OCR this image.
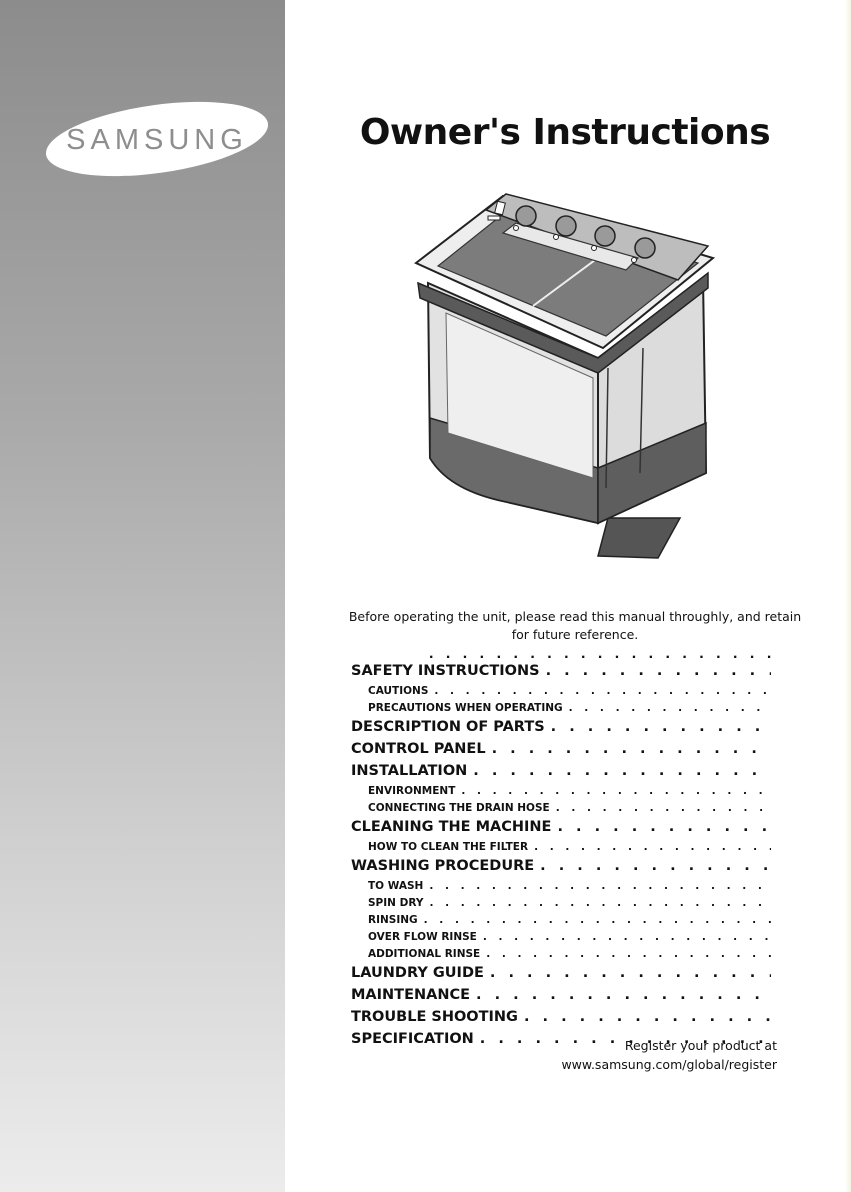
SAMSUNG	Owner's Instructions
Before operating the unit, please read this manual throughly, and retain for future reference.
. . .
SAFETY INSTRUCTIONS
. . .
CAUTIONS
. . .
PRECAUTIONS WHEN OPERATING
. . .
DESCRIPTION OF PARTS
. . .
CONTROL PANEL
. . .
INSTALLATION
. . .
ENVIRONMENT
. . .
CONNECTING THE DRAIN HOSE
. . .
CLEANING THE MACHINE
. . .
HOW TO CLEAN THE FILTER
. . .
WASHING PROCEDURE
. . .
TO WASH
. . .
SPIN DRY
. . .
RINSING
. . .
OVER FLOW RINSE
. . .
ADDITIONAL RINSE
. . .
LAUNDRY GUIDE
. . .
MAINTENANCE
. . .
TROUBLE SHOOTING
. . .
SPECIFICATION
. . .	Register your product at
www.samsung.com/global/register
